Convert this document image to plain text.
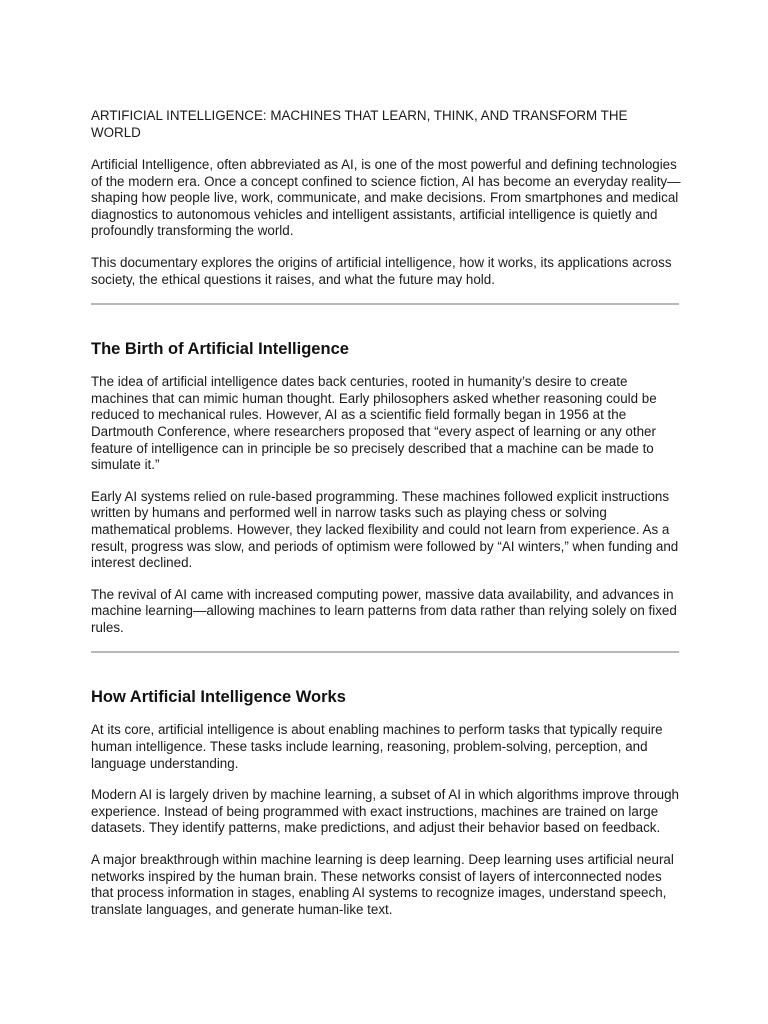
ARTIFICIAL INTELLIGENCE: MACHINES THAT LEARN, THINK, AND TRANSFORM THE WORLD

Artificial Intelligence, often abbreviated as AI, is one of the most powerful and defining technologies of the modern era. Once a concept confined to science fiction, AI has become an everyday reality—shaping how people live, work, communicate, and make decisions. From smartphones and medical diagnostics to autonomous vehicles and intelligent assistants, artificial intelligence is quietly and profoundly transforming the world.

This documentary explores the origins of artificial intelligence, how it works, its applications across society, the ethical questions it raises, and what the future may hold.

The Birth of Artificial Intelligence

The idea of artificial intelligence dates back centuries, rooted in humanity’s desire to create machines that can mimic human thought. Early philosophers asked whether reasoning could be reduced to mechanical rules. However, AI as a scientific field formally began in 1956 at the Dartmouth Conference, where researchers proposed that “every aspect of learning or any other feature of intelligence can in principle be so precisely described that a machine can be made to simulate it.”

Early AI systems relied on rule-based programming. These machines followed explicit instructions written by humans and performed well in narrow tasks such as playing chess or solving mathematical problems. However, they lacked flexibility and could not learn from experience. As a result, progress was slow, and periods of optimism were followed by “AI winters,” when funding and interest declined.

The revival of AI came with increased computing power, massive data availability, and advances in machine learning—allowing machines to learn patterns from data rather than relying solely on fixed rules.

How Artificial Intelligence Works

At its core, artificial intelligence is about enabling machines to perform tasks that typically require human intelligence. These tasks include learning, reasoning, problem-solving, perception, and language understanding.

Modern AI is largely driven by machine learning, a subset of AI in which algorithms improve through experience. Instead of being programmed with exact instructions, machines are trained on large datasets. They identify patterns, make predictions, and adjust their behavior based on feedback.

A major breakthrough within machine learning is deep learning. Deep learning uses artificial neural networks inspired by the human brain. These networks consist of layers of interconnected nodes that process information in stages, enabling AI systems to recognize images, understand speech, translate languages, and generate human-like text.
